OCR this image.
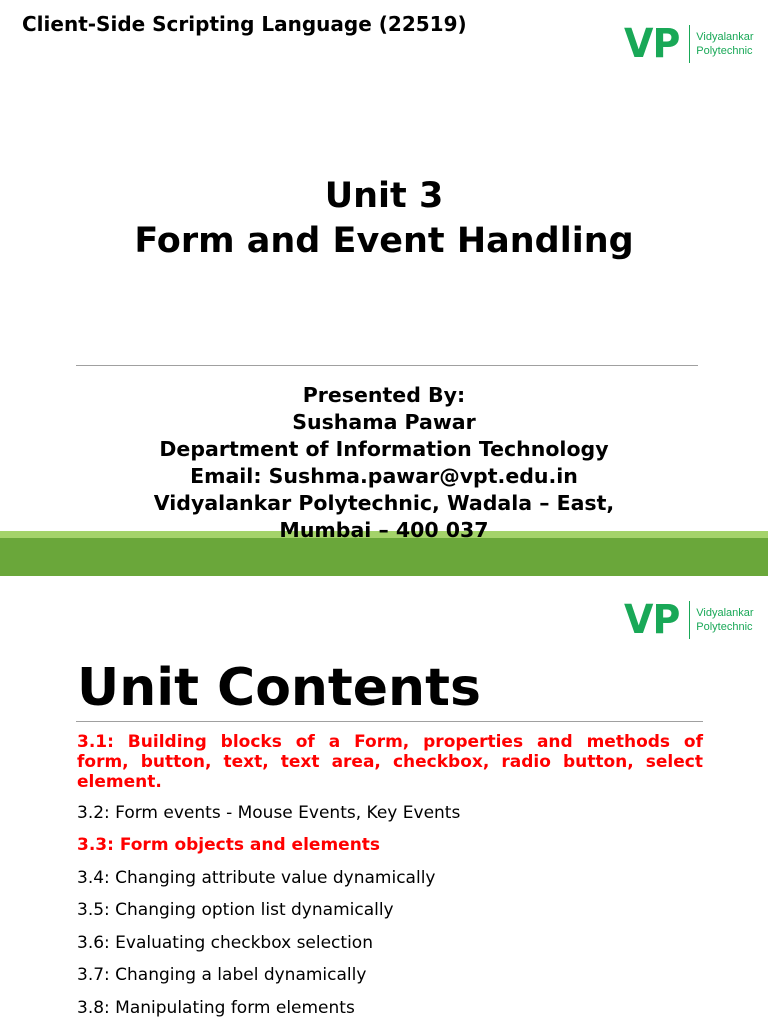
Client-Side Scripting Language (22519)	VP Vidyalankar
Polytechnic
Unit 3
Form and Event Handling
Presented By:
Sushama Pawar
Department of Information Technology
Email: Sushma.pawar@vpt.edu.in
Vidyalankar Polytechnic, Wadala – East,
Mumbai – 400 037
VP Vidyalankar
Polytechnic
Unit Contents
3.1: Building blocks of a Form, properties and methods of
form, button, text, text area, checkbox, radio button, select
element.
3.2: Form events - Mouse Events, Key Events
3.3: Form objects and elements
3.4: Changing attribute value dynamically
3.5: Changing option list dynamically
3.6: Evaluating checkbox selection
3.7: Changing a label dynamically
3.8: Manipulating form elements
